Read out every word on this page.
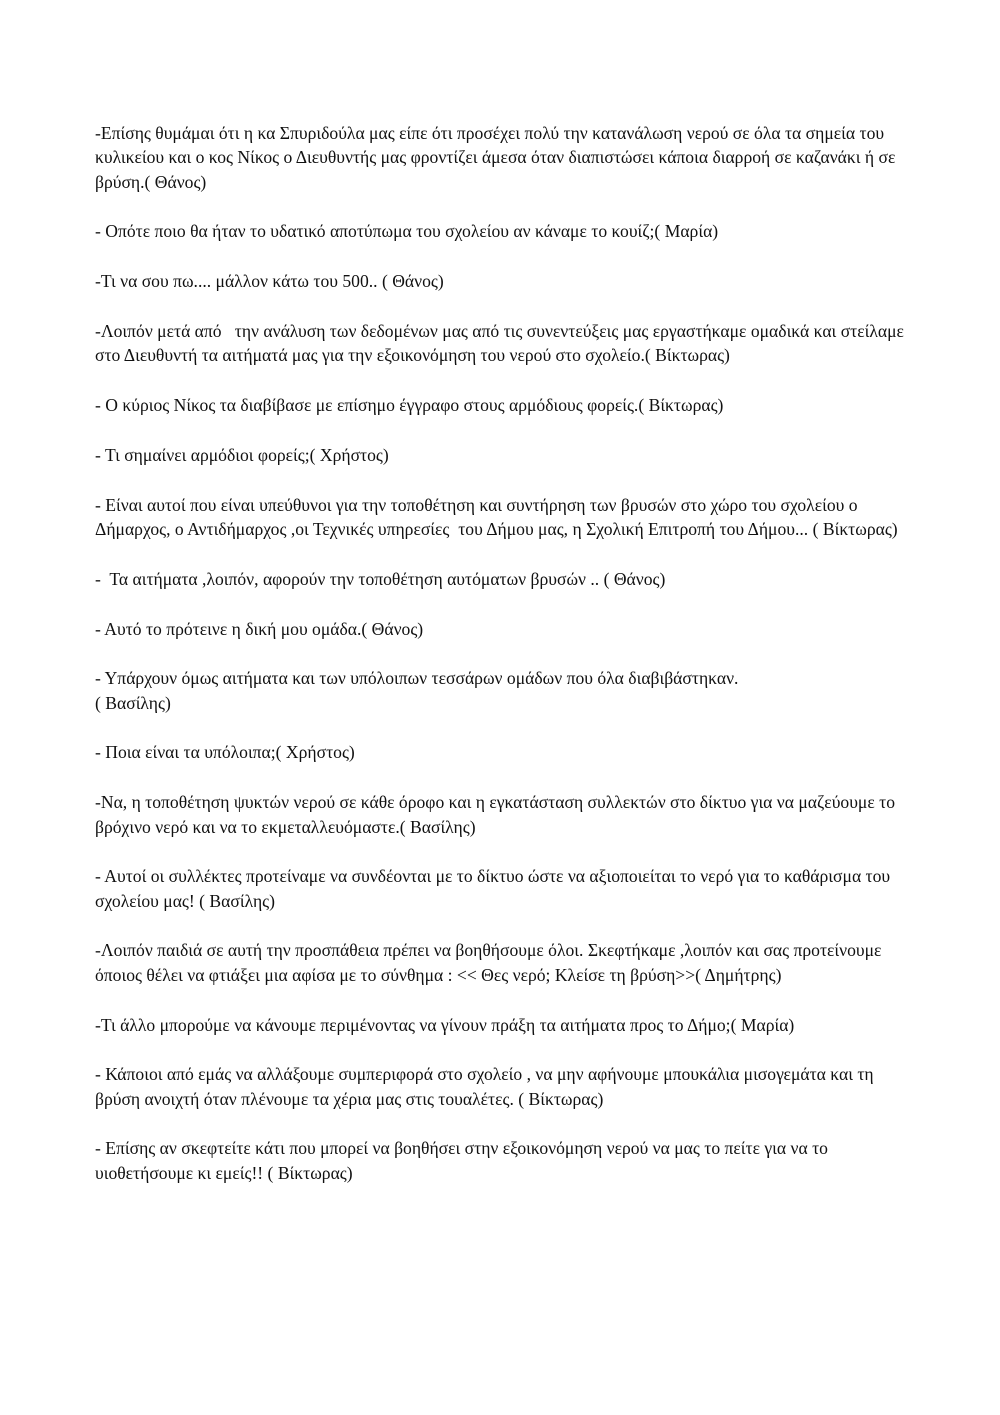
-Επίσης θυμάμαι ότι η κα Σπυριδούλα μας είπε ότι προσέχει πολύ την κατανάλωση νερού σε όλα τα σημεία του κυλικείου και ο κος Νίκος ο Διευθυντής μας φροντίζει άμεσα όταν διαπιστώσει κάποια διαρροή σε καζανάκι ή σε βρύση.( Θάνος)

- Οπότε ποιο θα ήταν το υδατικό αποτύπωμα του σχολείου αν κάναμε το κουίζ;( Μαρία)

-Τι να σου πω.... μάλλον κάτω του 500.. ( Θάνος)

-Λοιπόν μετά από   την ανάλυση των δεδομένων μας από τις συνεντεύξεις μας εργαστήκαμε ομαδικά και στείλαμε στο Διευθυντή τα αιτήματά μας για την εξοικονόμηση του νερού στο σχολείο.( Βίκτωρας)

- Ο κύριος Νίκος τα διαβίβασε με επίσημο έγγραφο στους αρμόδιους φορείς.( Βίκτωρας)

- Τι σημαίνει αρμόδιοι φορείς;( Χρήστος)

- Είναι αυτοί που είναι υπεύθυνοι για την τοποθέτηση και συντήρηση των βρυσών στο χώρο του σχολείου ο Δήμαρχος, ο Αντιδήμαρχος ,οι Τεχνικές υπηρεσίες  του Δήμου μας, η Σχολική Επιτροπή του Δήμου... ( Βίκτωρας)

-  Τα αιτήματα ,λοιπόν, αφορούν την τοποθέτηση αυτόματων βρυσών .. ( Θάνος)

- Αυτό το πρότεινε η δική μου ομάδα.( Θάνος)

- Υπάρχουν όμως αιτήματα και των υπόλοιπων τεσσάρων ομάδων που όλα διαβιβάστηκαν.
( Βασίλης)

- Ποια είναι τα υπόλοιπα;( Χρήστος)

-Να, η τοποθέτηση ψυκτών νερού σε κάθε όροφο και η εγκατάσταση συλλεκτών στο δίκτυο για να μαζεύουμε το βρόχινο νερό και να το εκμεταλλευόμαστε.( Βασίλης)

- Αυτοί οι συλλέκτες προτείναμε να συνδέονται με το δίκτυο ώστε να αξιοποιείται το νερό για το καθάρισμα του σχολείου μας! ( Βασίλης)

-Λοιπόν παιδιά σε αυτή την προσπάθεια πρέπει να βοηθήσουμε όλοι. Σκεφτήκαμε ,λοιπόν και σας προτείνουμε όποιος θέλει να φτιάξει μια αφίσα με το σύνθημα : << Θες νερό; Κλείσε τη βρύση>>( Δημήτρης)

-Τι άλλο μπορούμε να κάνουμε περιμένοντας να γίνουν πράξη τα αιτήματα προς το Δήμο;( Μαρία)

- Κάποιοι από εμάς να αλλάξουμε συμπεριφορά στο σχολείο , να μην αφήνουμε μπουκάλια μισογεμάτα και τη βρύση ανοιχτή όταν πλένουμε τα χέρια μας στις τουαλέτες. ( Βίκτωρας)

- Επίσης αν σκεφτείτε κάτι που μπορεί να βοηθήσει στην εξοικονόμηση νερού να μας το πείτε για να το υιοθετήσουμε κι εμείς!! ( Βίκτωρας)
